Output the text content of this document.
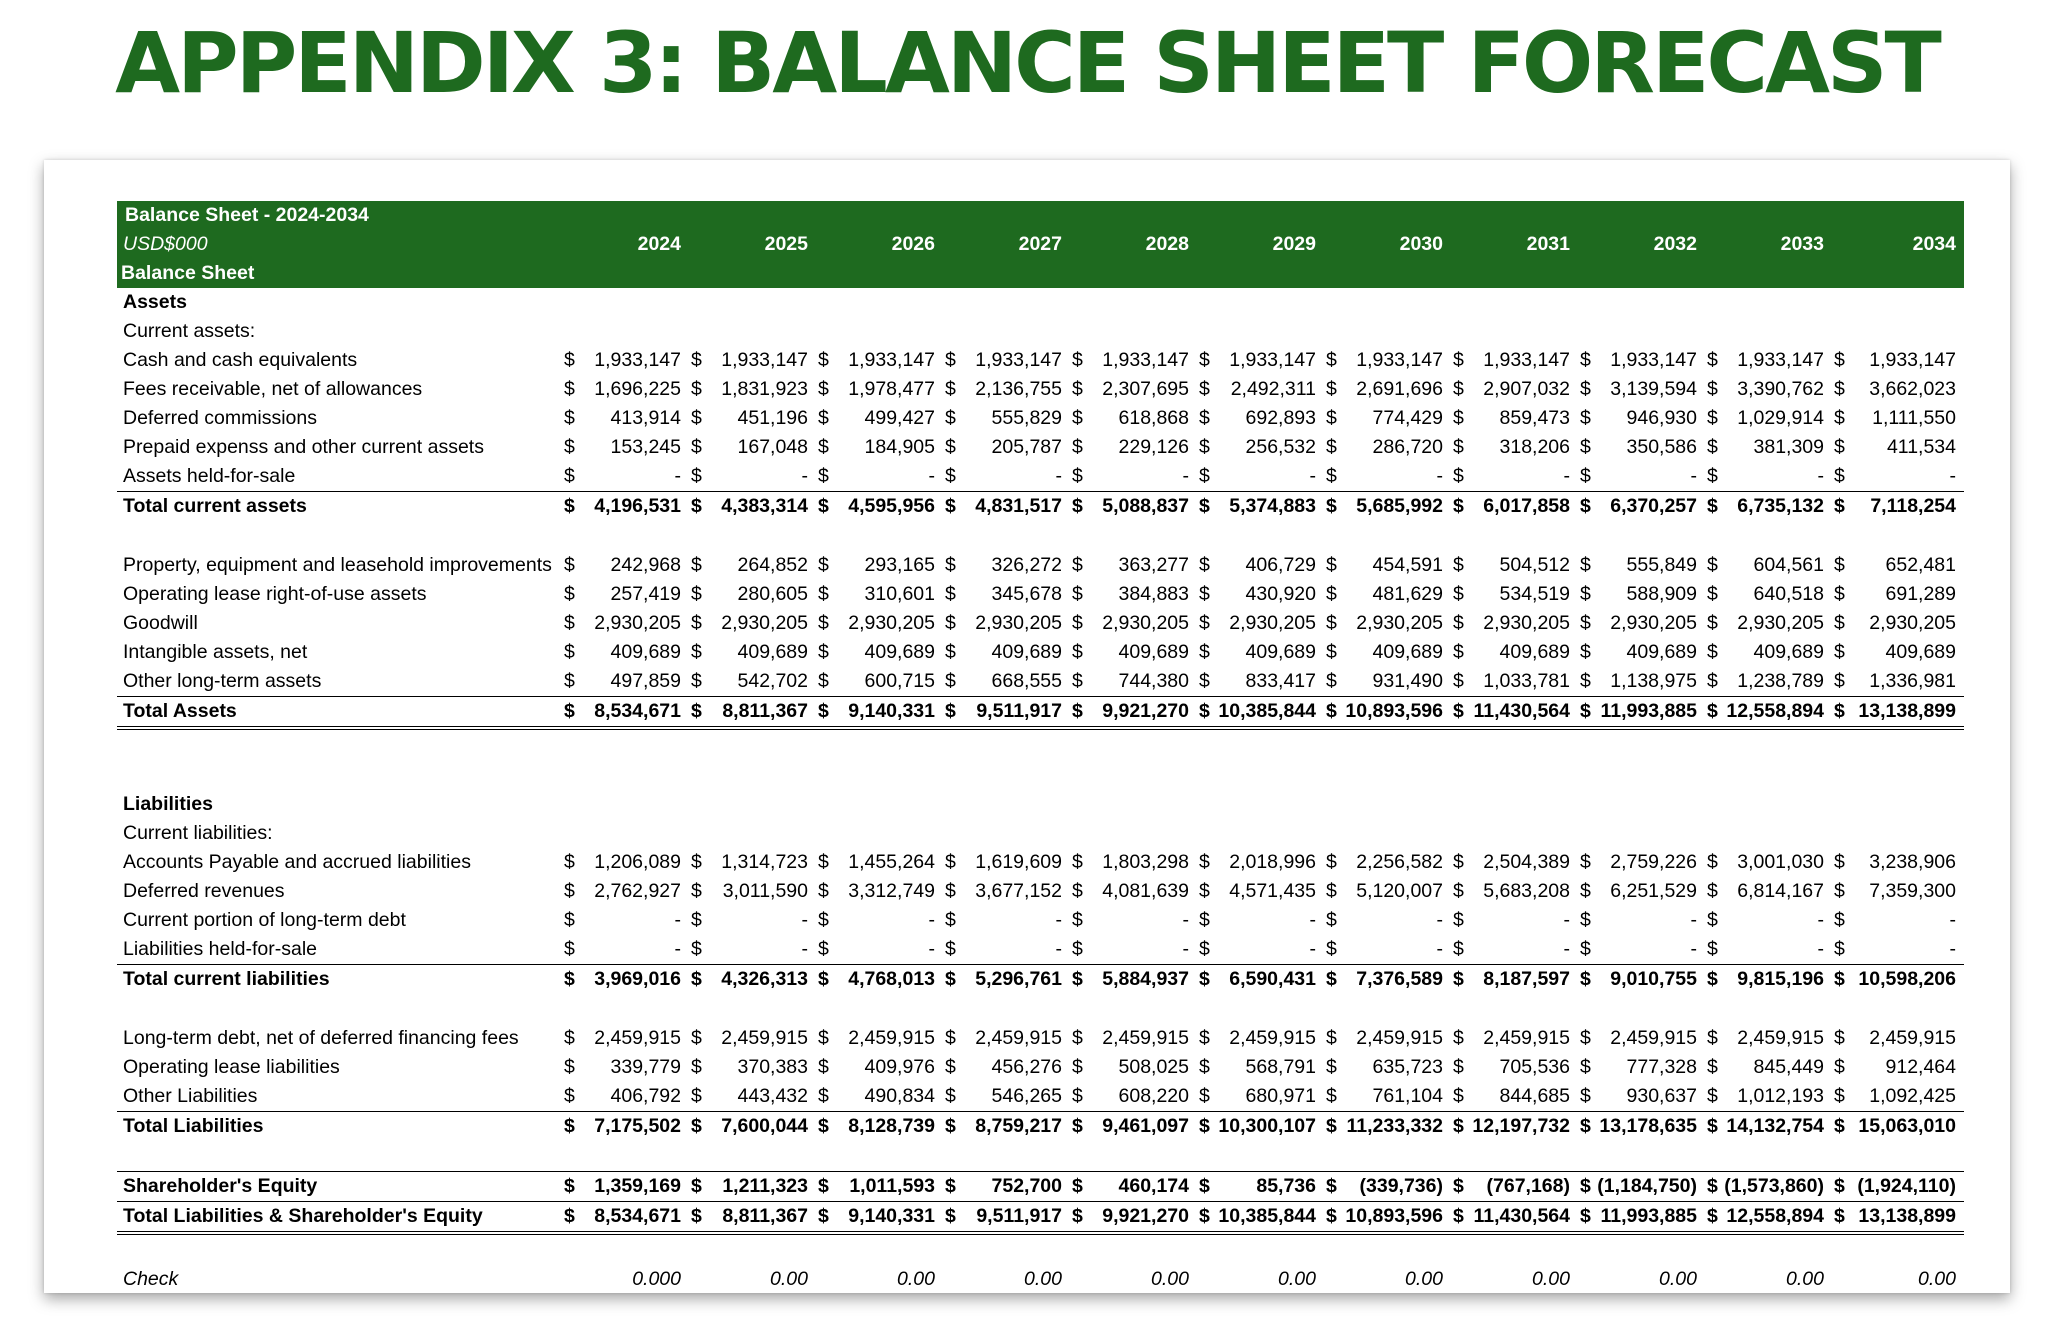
APPENDIX 3: BALANCE SHEET FORECAST
Balance Sheet - 2024-2034											
USD$000	2024	2025	2026	2027	2028	2029	2030	2031	2032	2033	2034
Balance Sheet											
Assets											
Current assets:											
Cash and cash equivalents	$ 1,933,147	$ 1,933,147	$ 1,933,147	$ 1,933,147	$ 1,933,147	$ 1,933,147	$ 1,933,147	$ 1,933,147	$ 1,933,147	$ 1,933,147	$ 1,933,147

Fees receivable, net of allowances	$ 1,696,225	$ 1,831,923	$ 1,978,477	$ 2,136,755	$ 2,307,695	$ 2,492,311	$ 2,691,696	$ 2,907,032	$ 3,139,594	$ 3,390,762	$ 3,662,023

Deferred commissions	$ 413,914	$ 451,196	$ 499,427	$ 555,829	$ 618,868	$ 692,893	$ 774,429	$ 859,473	$ 946,930	$ 1,029,914	$ 1,111,550

Prepaid expenss and other current assets	$ 153,245	$ 167,048	$ 184,905	$ 205,787	$ 229,126	$ 256,532	$ 286,720	$ 318,206	$ 350,586	$ 381,309	$ 411,534

Assets held-for-sale	$ -	$ -	$ -	$ -	$ -	$ -	$ -	$ -	$ -	$ -	$ -

Total current assets	$ 4,196,531	$ 4,383,314	$ 4,595,956	$ 4,831,517	$ 5,088,837	$ 5,374,883	$ 5,685,992	$ 6,017,858	$ 6,370,257	$ 6,735,132	$ 7,118,254

Property, equipment and leasehold improvements	$ 242,968	$ 264,852	$ 293,165	$ 326,272	$ 363,277	$ 406,729	$ 454,591	$ 504,512	$ 555,849	$ 604,561	$ 652,481

Operating lease right-of-use assets	$ 257,419	$ 280,605	$ 310,601	$ 345,678	$ 384,883	$ 430,920	$ 481,629	$ 534,519	$ 588,909	$ 640,518	$ 691,289

Goodwill	$ 2,930,205	$ 2,930,205	$ 2,930,205	$ 2,930,205	$ 2,930,205	$ 2,930,205	$ 2,930,205	$ 2,930,205	$ 2,930,205	$ 2,930,205	$ 2,930,205

Intangible assets, net	$ 409,689	$ 409,689	$ 409,689	$ 409,689	$ 409,689	$ 409,689	$ 409,689	$ 409,689	$ 409,689	$ 409,689	$ 409,689

Other long-term assets	$ 497,859	$ 542,702	$ 600,715	$ 668,555	$ 744,380	$ 833,417	$ 931,490	$ 1,033,781	$ 1,138,975	$ 1,238,789	$ 1,336,981

Total Assets	$ 8,534,671	$ 8,811,367	$ 9,140,331	$ 9,511,917	$ 9,921,270	$ 10,385,844	$ 10,893,596	$ 11,430,564	$ 11,993,885	$ 12,558,894	$ 13,138,899

Liabilities											
Current liabilities:											
Accounts Payable and accrued liabilities	$ 1,206,089	$ 1,314,723	$ 1,455,264	$ 1,619,609	$ 1,803,298	$ 2,018,996	$ 2,256,582	$ 2,504,389	$ 2,759,226	$ 3,001,030	$ 3,238,906

Deferred revenues	$ 2,762,927	$ 3,011,590	$ 3,312,749	$ 3,677,152	$ 4,081,639	$ 4,571,435	$ 5,120,007	$ 5,683,208	$ 6,251,529	$ 6,814,167	$ 7,359,300

Current portion of long-term debt	$ -	$ -	$ -	$ -	$ -	$ -	$ -	$ -	$ -	$ -	$ -

Liabilities held-for-sale	$ -	$ -	$ -	$ -	$ -	$ -	$ -	$ -	$ -	$ -	$ -

Total current liabilities	$ 3,969,016	$ 4,326,313	$ 4,768,013	$ 5,296,761	$ 5,884,937	$ 6,590,431	$ 7,376,589	$ 8,187,597	$ 9,010,755	$ 9,815,196	$ 10,598,206

Long-term debt, net of deferred financing fees	$ 2,459,915	$ 2,459,915	$ 2,459,915	$ 2,459,915	$ 2,459,915	$ 2,459,915	$ 2,459,915	$ 2,459,915	$ 2,459,915	$ 2,459,915	$ 2,459,915

Operating lease liabilities	$ 339,779	$ 370,383	$ 409,976	$ 456,276	$ 508,025	$ 568,791	$ 635,723	$ 705,536	$ 777,328	$ 845,449	$ 912,464

Other Liabilities	$ 406,792	$ 443,432	$ 490,834	$ 546,265	$ 608,220	$ 680,971	$ 761,104	$ 844,685	$ 930,637	$ 1,012,193	$ 1,092,425

Total Liabilities	$ 7,175,502	$ 7,600,044	$ 8,128,739	$ 8,759,217	$ 9,461,097	$ 10,300,107	$ 11,233,332	$ 12,197,732	$ 13,178,635	$ 14,132,754	$ 15,063,010

Shareholder's Equity	$ 1,359,169	$ 1,211,323	$ 1,011,593	$ 752,700	$ 460,174	$ 85,736	$ (339,736)	$ (767,168)	$ (1,184,750)	$ (1,573,860)	$ (1,924,110)

Total Liabilities & Shareholder's Equity	$ 8,534,671	$ 8,811,367	$ 9,140,331	$ 9,511,917	$ 9,921,270	$ 10,385,844	$ 10,893,596	$ 11,430,564	$ 11,993,885	$ 12,558,894	$ 13,138,899

Check	0.000	0.00	0.00	0.00	0.00	0.00	0.00	0.00	0.00	0.00	0.00
